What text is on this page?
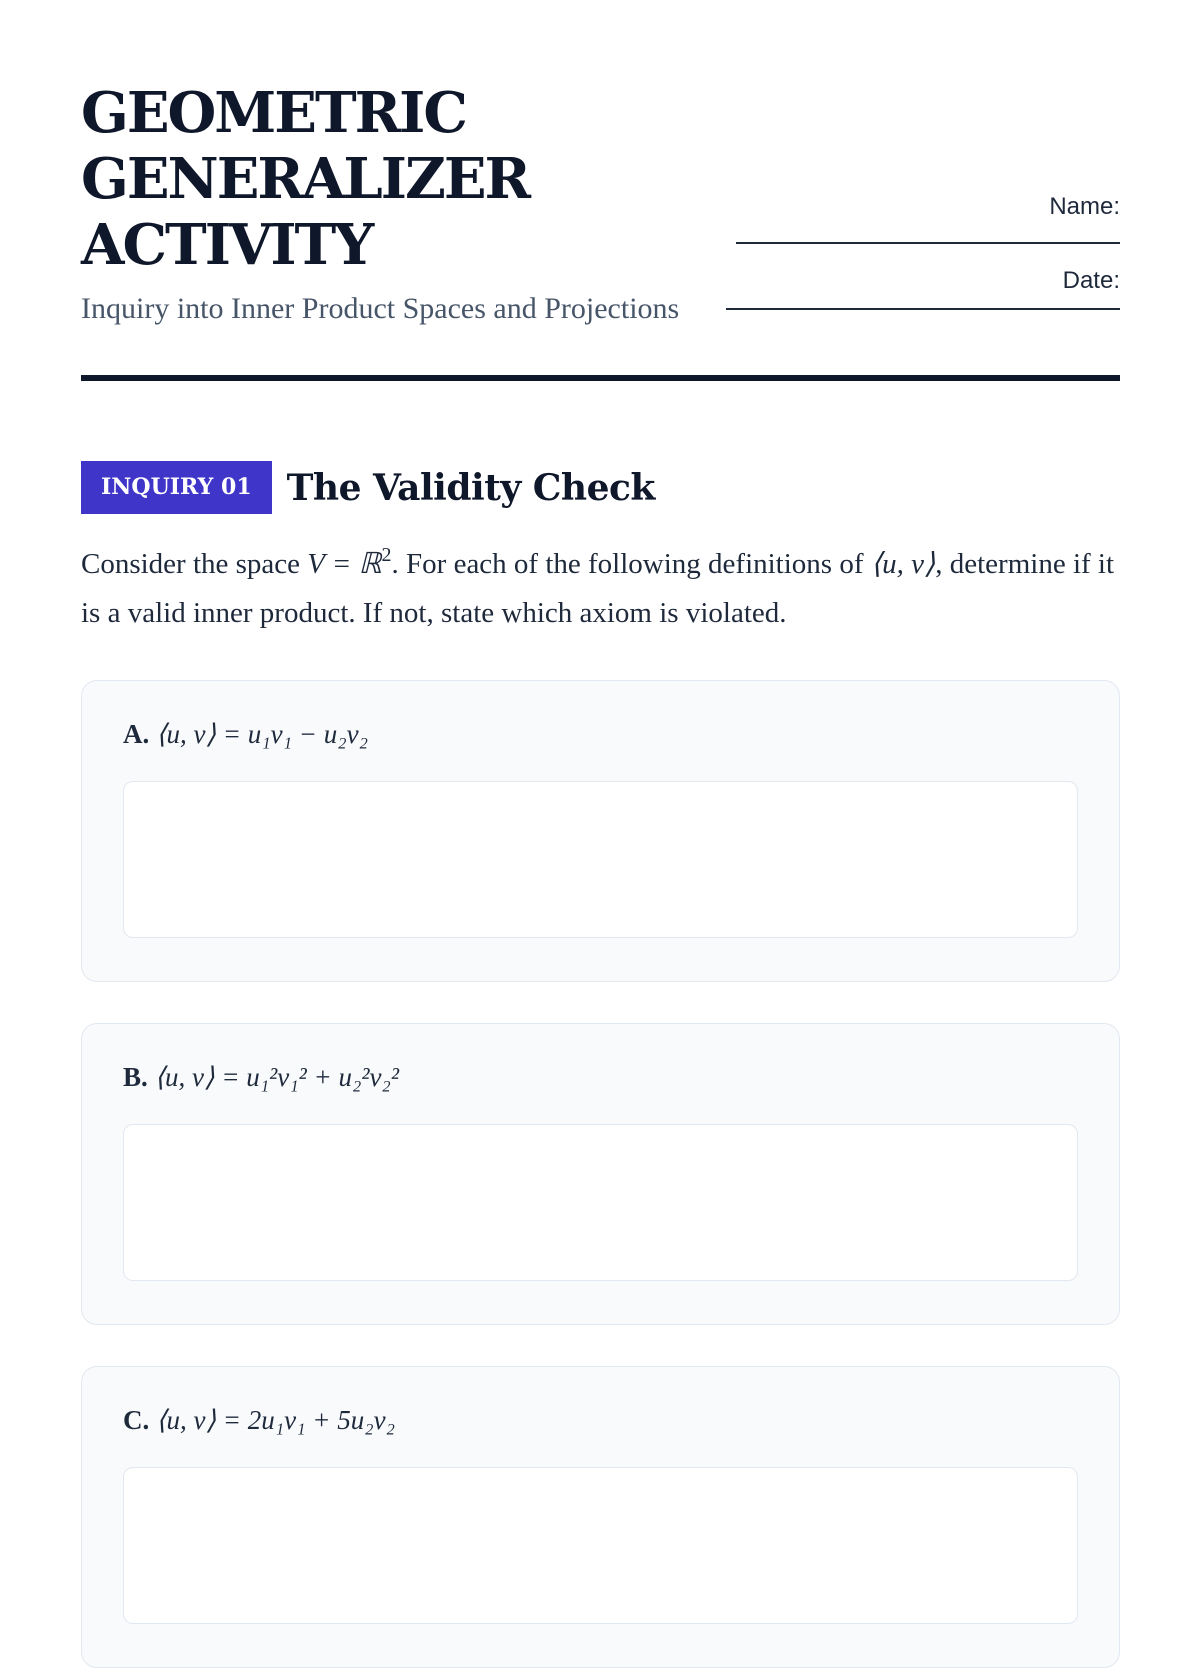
GEOMETRIC
GENERALIZER
ACTIVITY
Inquiry into Inner Product Spaces and Projections
Name:
Date:
INQUIRY 01 The Validity Check
Consider the space V = ℝ$^2$. For each of the following definitions of ⟨u, v⟩, determine if it is a valid inner product. If not, state which axiom is violated.
A. ⟨u, v⟩ = u₁v₁ − u₂v₂
B. ⟨u, v⟩ = u₁²v₁² + u₂²v₂²
C. ⟨u, v⟩ = 2u₁v₁ + 5u₂v₂
